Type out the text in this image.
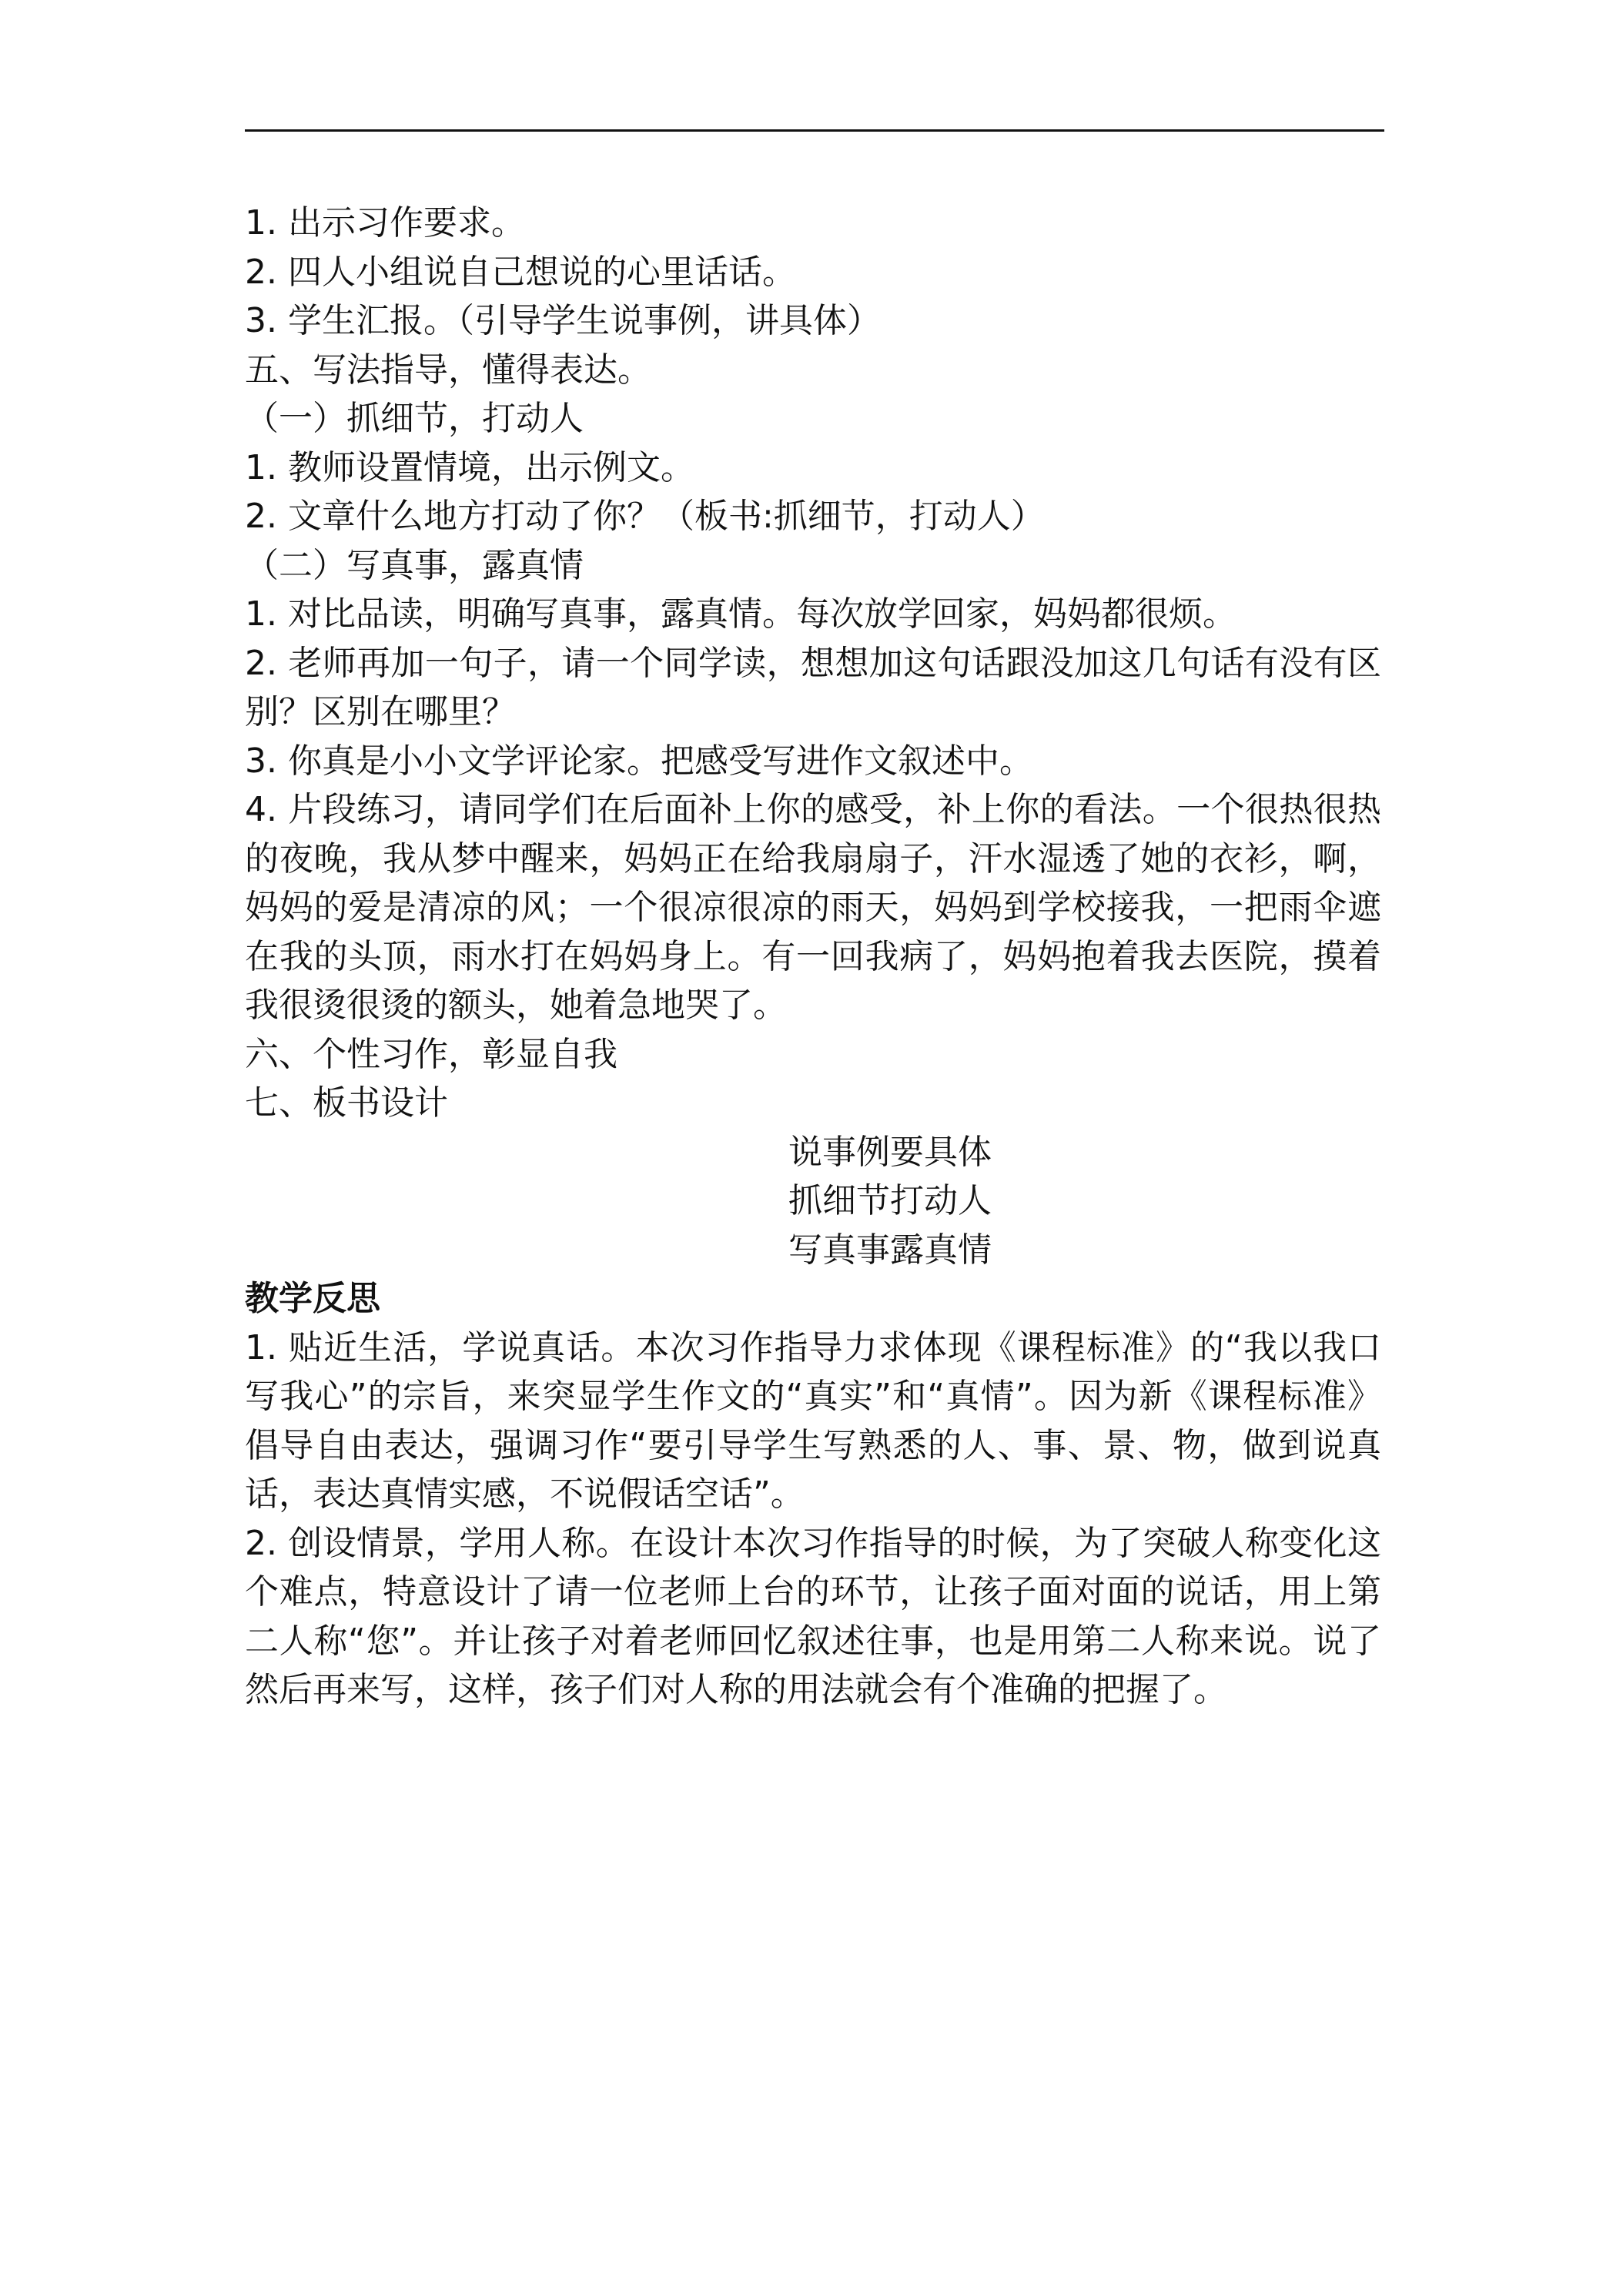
1. 出示习作要求。
2. 四人小组说自己想说的心里话话。
3. 学生汇报。（引导学生说事例，讲具体）
五、写法指导，懂得表达。
（一）抓细节，打动人
1. 教师设置情境，出示例文。
2. 文章什么地方打动了你？（板书:抓细节，打动人）
（二）写真事，露真情
1. 对比品读，明确写真事，露真情。每次放学回家，妈妈都很烦。
2. 老师再加一句子，请一个同学读，想想加这句话跟没加这几句话有没有区别？区别在哪里？
3. 你真是小小文学评论家。把感受写进作文叙述中。
4. 片段练习，请同学们在后面补上你的感受，补上你的看法。一个很热很热的夜晚，我从梦中醒来，妈妈正在给我扇扇子，汗水湿透了她的衣衫，啊，妈妈的爱是清凉的风；一个很凉很凉的雨天，妈妈到学校接我，一把雨伞遮在我的头顶，雨水打在妈妈身上。有一回我病了，妈妈抱着我去医院，摸着我很烫很烫的额头，她着急地哭了。
六、个性习作，彰显自我
七、板书设计
说事例要具体
抓细节打动人
写真事露真情
教学反思
1. 贴近生活，学说真话。本次习作指导力求体现《课程标准》的“我以我口写我心”的宗旨，来突显学生作文的“真实”和“真情”。因为新《课程标准》倡导自由表达，强调习作“要引导学生写熟悉的人、事、景、物，做到说真话，表达真情实感，不说假话空话”。
2. 创设情景，学用人称。在设计本次习作指导的时候，为了突破人称变化这个难点，特意设计了请一位老师上台的环节，让孩子面对面的说话，用上第二人称“您”。并让孩子对着老师回忆叙述往事，也是用第二人称来说。说了然后再来写，这样，孩子们对人称的用法就会有个准确的把握了。
